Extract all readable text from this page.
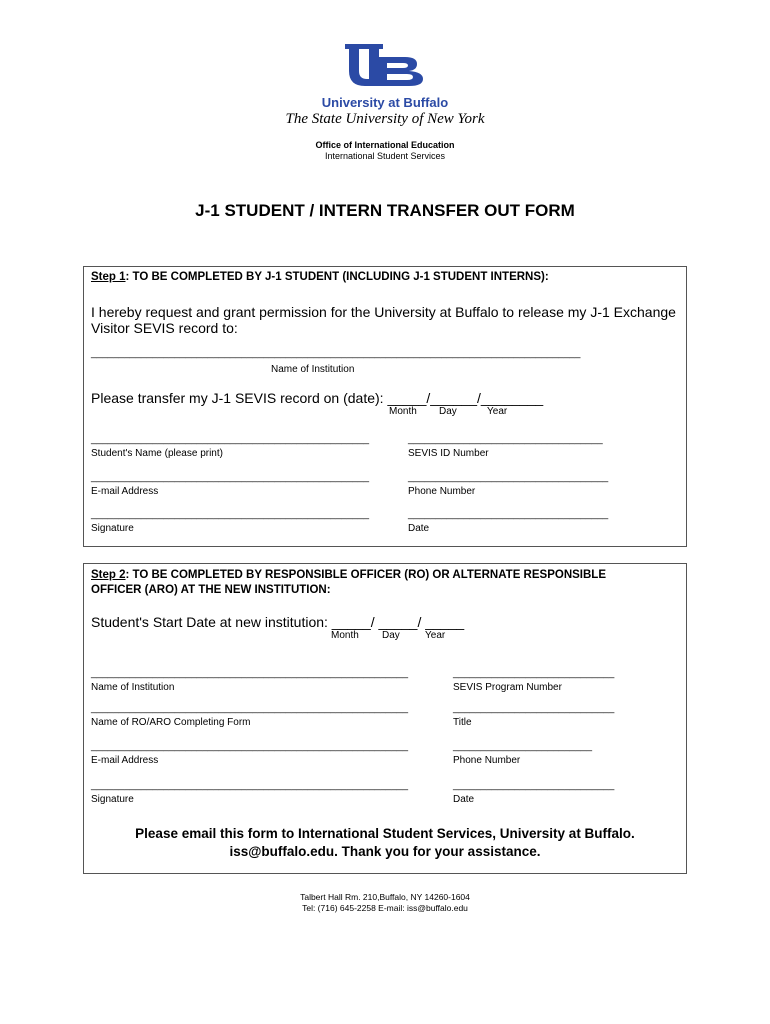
University at Buffalo
The State University of New York
Office of International Education
International Student Services
J-1 STUDENT / INTERN TRANSFER OUT FORM
Step 1: TO BE COMPLETED BY J-1 STUDENT (INCLUDING J-1 STUDENT INTERNS):
I hereby request and grant permission for the University at Buffalo to release my J-1 Exchange
Visitor SEVIS record to:
________________________________________________________________________________________
Name of Institution
Please transfer my J-1 SEVIS record on (date): _____/______/________
Month Day	Year
__________________________________________________	___________________________________
Student's Name (please print)	SEVIS ID Number
__________________________________________________	____________________________________
E-mail Address	Phone Number
__________________________________________________	____________________________________
Signature	Date
Step 2: TO BE COMPLETED BY RESPONSIBLE OFFICER (RO) OR ALTERNATE RESPONSIBLE
OFFICER (ARO) AT THE NEW INSTITUTION:
Student's Start Date at new institution: _____/ _____/ _____
Month Day	Year
_________________________________________________________	_____________________________
Name of Institution	SEVIS Program Number
_________________________________________________________	_____________________________
Name of RO/ARO Completing Form	Title
_________________________________________________________	_________________________
E-mail Address	Phone Number
_________________________________________________________	_____________________________
Signature	Date
Please email this form to International Student Services, University at Buffalo.
iss@buffalo.edu. Thank you for your assistance.
Talbert Hall Rm. 210,Buffalo, NY 14260-1604
Tel: (716) 645-2258 E-mail: iss@buffalo.edu
